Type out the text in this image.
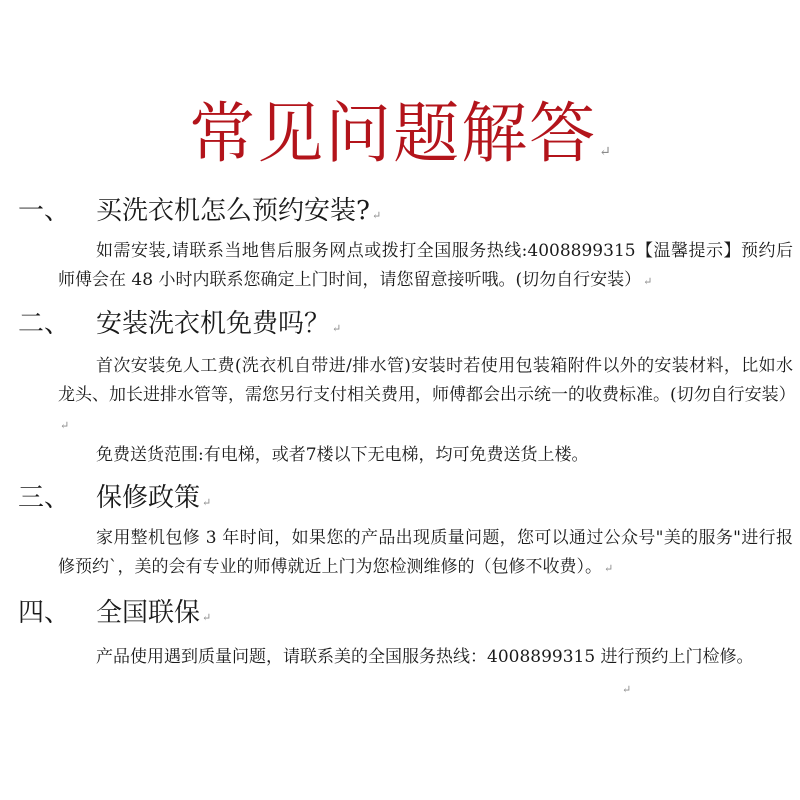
常见问题解答 ↵
一、 买洗衣机怎么预约安装? ↵
如需安装,请联系当地售后服务网点或拨打全国服务热线:4008899315【温馨提示】预约后师傅会在 48 小时内联系您确定上门时间，请您留意接听哦。(切勿自行安装） ↵
二、 安装洗衣机免费吗？ ↵
首次安装免人工费(洗衣机自带进/排水管)安装时若使用包装箱附件以外的安装材料，比如水龙头、加长进排水管等，需您另行支付相关费用，师傅都会出示统一的收费标准。(切勿自行安装）↵
免费送货范围:有电梯，或者7楼以下无电梯，均可免费送货上楼。
三、 保修政策 ↵
家用整机包修 3 年时间，如果您的产品出现质量问题，您可以通过公众号"美的服务"进行报修预约`，美的会有专业的师傅就近上门为您检测维修的（包修不收费）。 ↵
四、 全国联保 ↵
产品使用遇到质量问题，请联系美的全国服务热线：4008899315 进行预约上门检修。
↵
